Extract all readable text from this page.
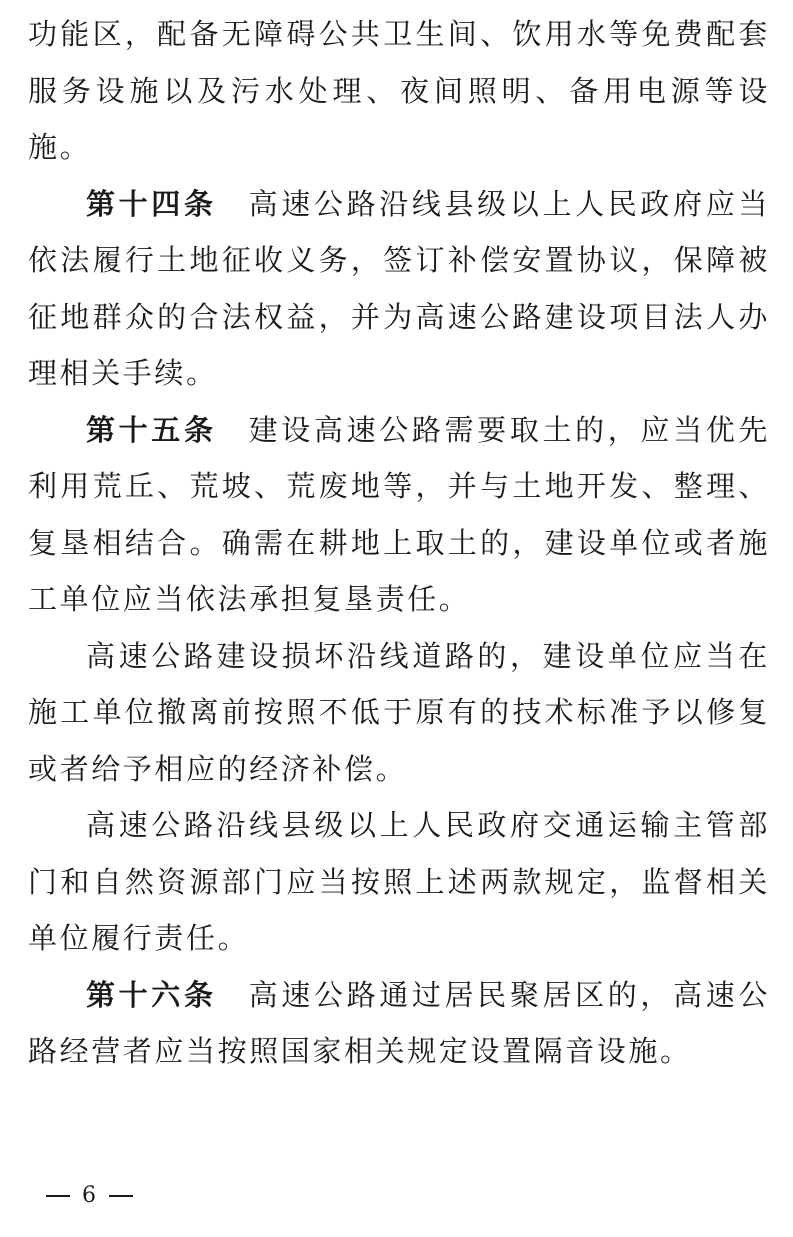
功能区，配备无障碍公共卫生间、饮用水等免费配套服务设施以及污水处理、夜间照明、备用电源等设施。

第十四条 高速公路沿线县级以上人民政府应当依法履行土地征收义务，签订补偿安置协议，保障被征地群众的合法权益，并为高速公路建设项目法人办理相关手续。

第十五条 建设高速公路需要取土的，应当优先利用荒丘、荒坡、荒废地等，并与土地开发、整理、复垦相结合。确需在耕地上取土的，建设单位或者施工单位应当依法承担复垦责任。

高速公路建设损坏沿线道路的，建设单位应当在施工单位撤离前按照不低于原有的技术标准予以修复或者给予相应的经济补偿。

高速公路沿线县级以上人民政府交通运输主管部门和自然资源部门应当按照上述两款规定，监督相关单位履行责任。

第十六条 高速公路通过居民聚居区的，高速公路经营者应当按照国家相关规定设置隔音设施。

6
